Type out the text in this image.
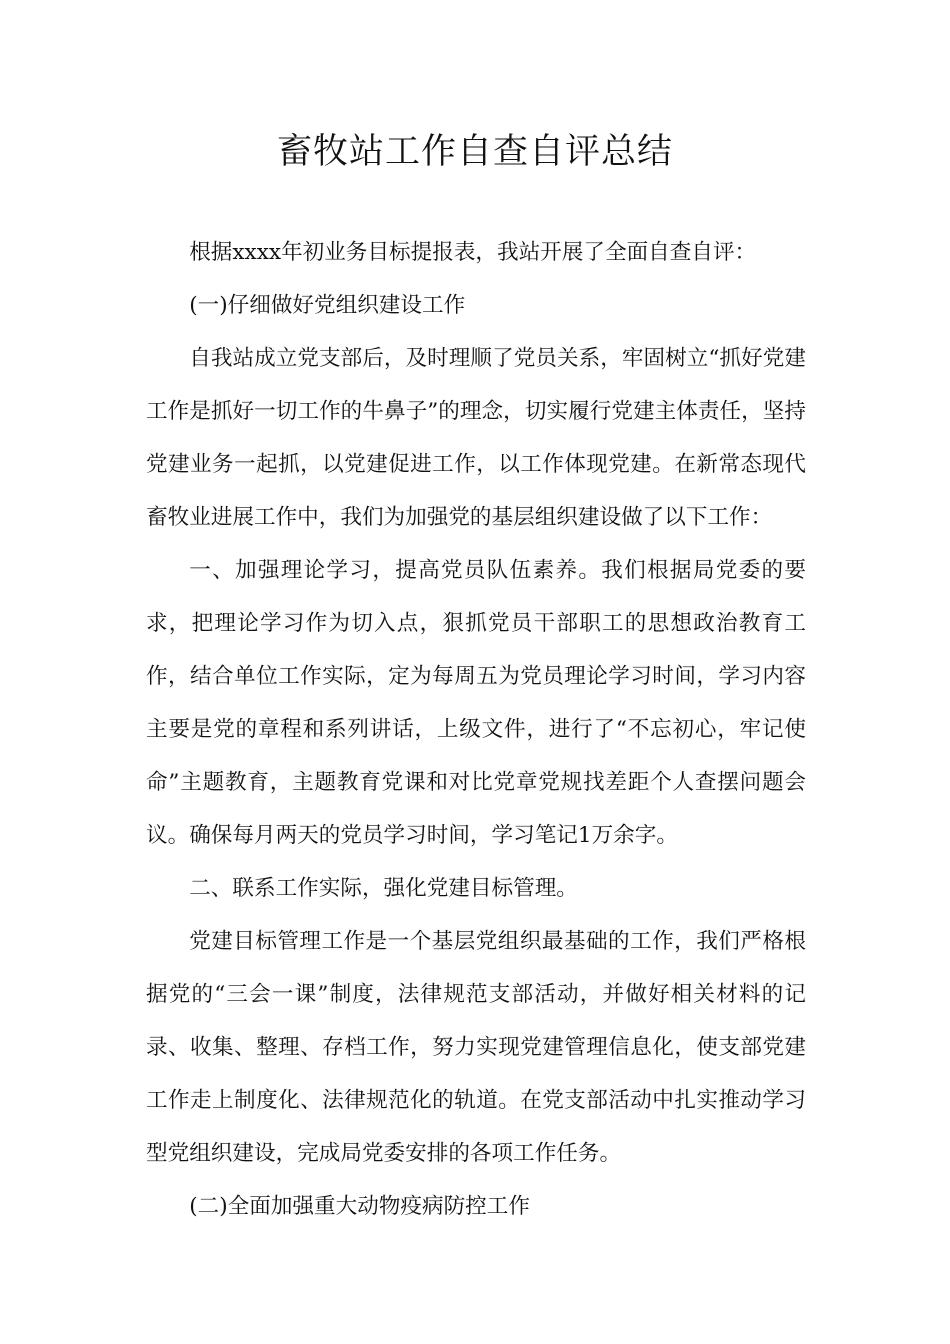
畜牧站工作自查自评总结

根据xxxx年初业务目标提报表，我站开展了全面自查自评：

(一)仔细做好党组织建设工作

自我站成立党支部后，及时理顺了党员关系，牢固树立“抓好党建工作是抓好一切工作的牛鼻子”的理念，切实履行党建主体责任，坚持党建业务一起抓，以党建促进工作，以工作体现党建。在新常态现代畜牧业进展工作中，我们为加强党的基层组织建设做了以下工作：

一、加强理论学习，提高党员队伍素养。我们根据局党委的要求，把理论学习作为切入点，狠抓党员干部职工的思想政治教育工作，结合单位工作实际，定为每周五为党员理论学习时间，学习内容主要是党的章程和系列讲话，上级文件，进行了“不忘初心，牢记使命”主题教育，主题教育党课和对比党章党规找差距个人查摆问题会议。确保每月两天的党员学习时间，学习笔记1万余字。

二、联系工作实际，强化党建目标管理。

党建目标管理工作是一个基层党组织最基础的工作，我们严格根据党的“三会一课”制度，法律规范支部活动，并做好相关材料的记录、收集、整理、存档工作，努力实现党建管理信息化，使支部党建工作走上制度化、法律规范化的轨道。在党支部活动中扎实推动学习型党组织建设，完成局党委安排的各项工作任务。

(二)全面加强重大动物疫病防控工作
